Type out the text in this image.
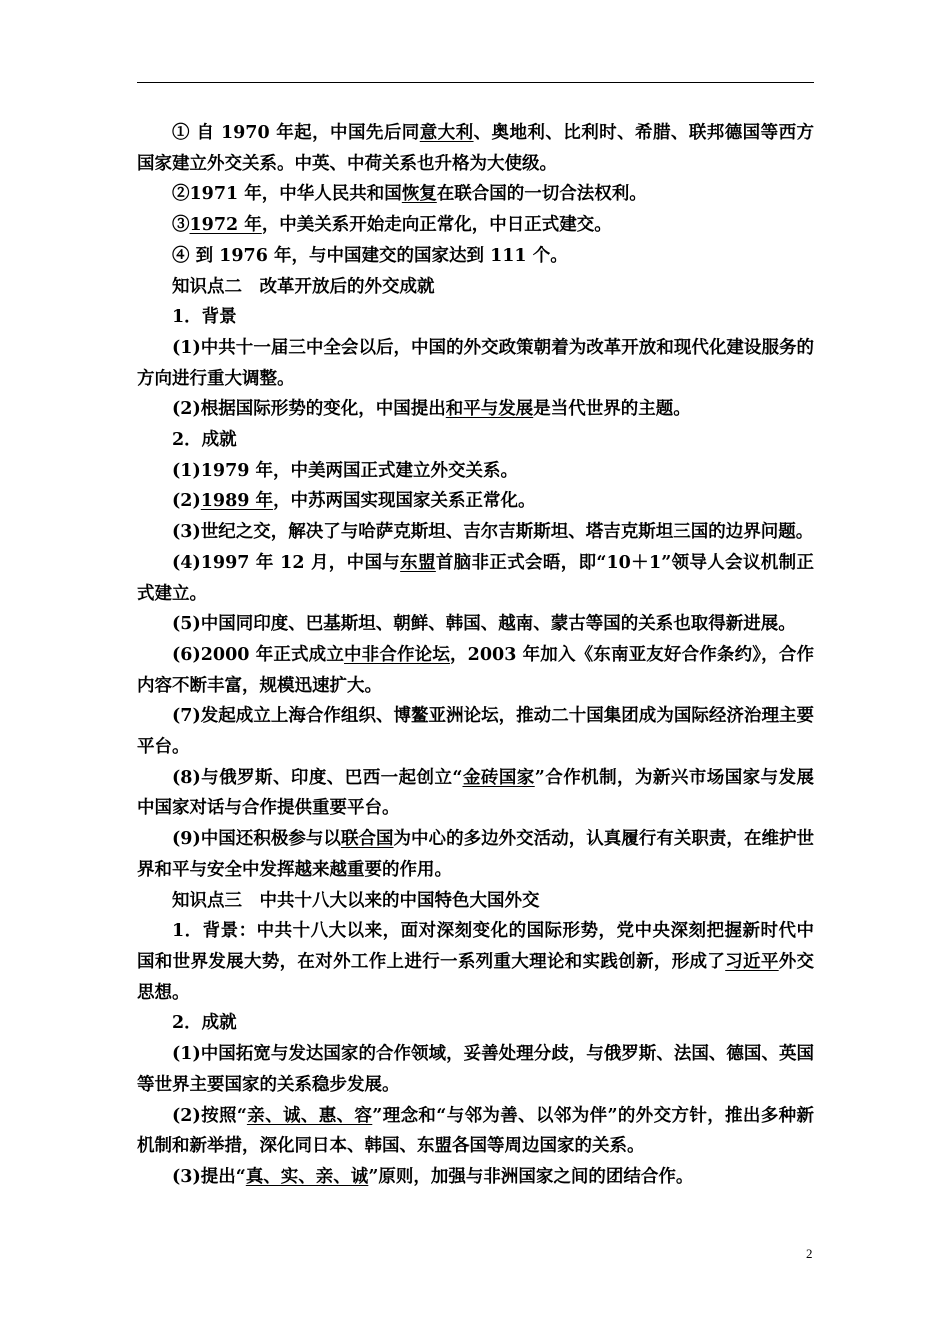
① 自 1970 年起，中国先后同意大利、奥地利、比利时、希腊、联邦德国等西方国家建立外交关系。中英、中荷关系也升格为大使级。

②1971 年，中华人民共和国恢复在联合国的一切合法权利。

③1972 年，中美关系开始走向正常化，中日正式建交。

④ 到 1976 年，与中国建交的国家达到 111 个。

知识点二　改革开放后的外交成就

1．背景

(1)中共十一届三中全会以后，中国的外交政策朝着为改革开放和现代化建设服务的方向进行重大调整。

(2)根据国际形势的变化，中国提出和平与发展是当代世界的主题。

2．成就

(1)1979 年，中美两国正式建立外交关系。

(2)1989 年，中苏两国实现国家关系正常化。

(3)世纪之交，解决了与哈萨克斯坦、吉尔吉斯斯坦、塔吉克斯坦三国的边界问题。

(4)1997 年 12 月，中国与东盟首脑非正式会晤，即“10＋1”领导人会议机制正式建立。

(5)中国同印度、巴基斯坦、朝鲜、韩国、越南、蒙古等国的关系也取得新进展。

(6)2000 年正式成立中非合作论坛，2003 年加入《东南亚友好合作条约》，合作内容不断丰富，规模迅速扩大。

(7)发起成立上海合作组织、博鳌亚洲论坛，推动二十国集团成为国际经济治理主要平台。

(8)与俄罗斯、印度、巴西一起创立“金砖国家”合作机制，为新兴市场国家与发展中国家对话与合作提供重要平台。

(9)中国还积极参与以联合国为中心的多边外交活动，认真履行有关职责，在维护世界和平与安全中发挥越来越重要的作用。

知识点三　中共十八大以来的中国特色大国外交

1．背景：中共十八大以来，面对深刻变化的国际形势，党中央深刻把握新时代中国和世界发展大势，在对外工作上进行一系列重大理论和实践创新，形成了习近平外交思想。

2．成就

(1)中国拓宽与发达国家的合作领域，妥善处理分歧，与俄罗斯、法国、德国、英国等世界主要国家的关系稳步发展。

(2)按照“亲、诚、惠、容”理念和“与邻为善、以邻为伴”的外交方针，推出多种新机制和新举措，深化同日本、韩国、东盟各国等周边国家的关系。

(3)提出“真、实、亲、诚”原则，加强与非洲国家之间的团结合作。

2
